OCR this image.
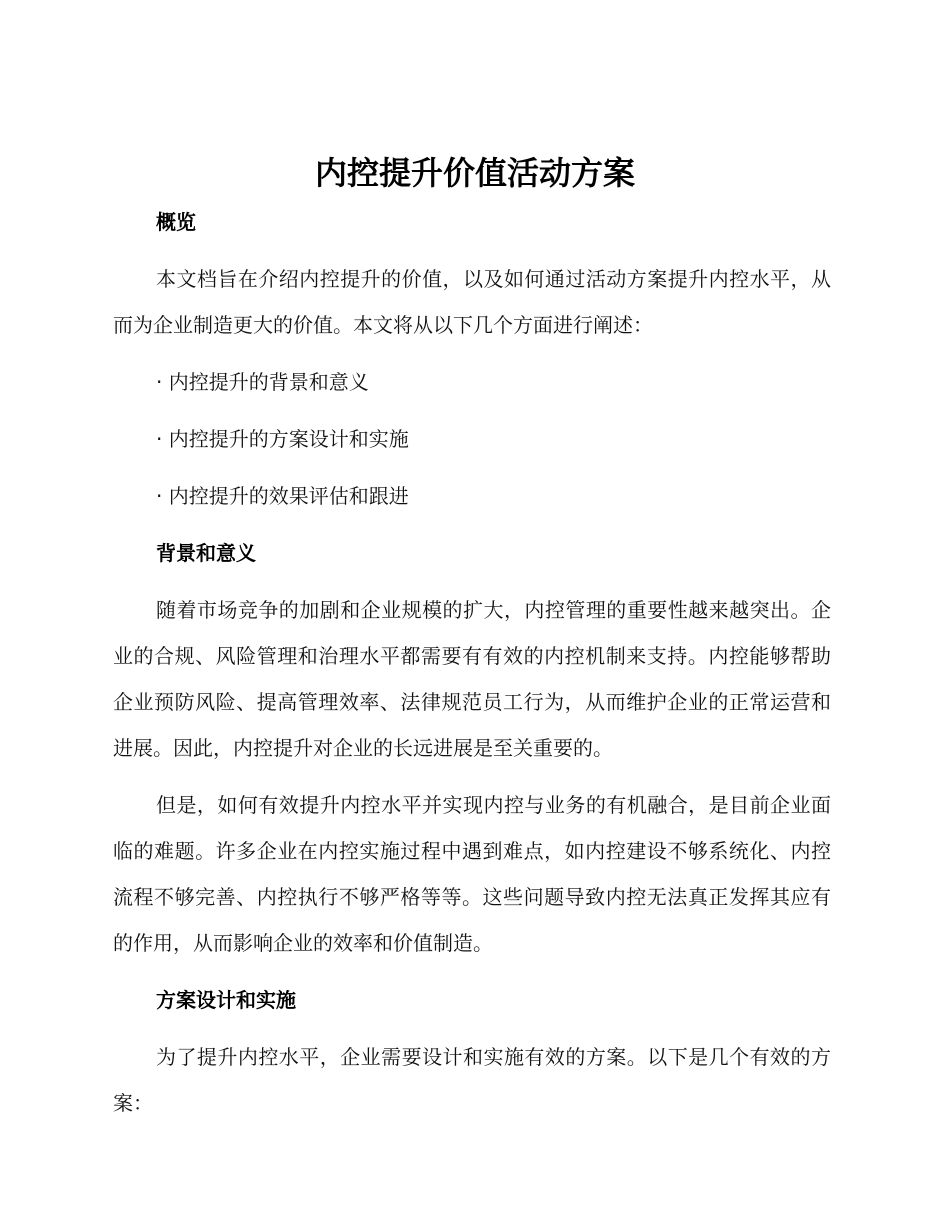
内控提升价值活动方案
概览
本文档旨在介绍内控提升的价值，以及如何通过活动方案提升内控水平，从而为企业制造更大的价值。本文将从以下几个方面进行阐述：
· 内控提升的背景和意义
· 内控提升的方案设计和实施
· 内控提升的效果评估和跟进
背景和意义
随着市场竞争的加剧和企业规模的扩大，内控管理的重要性越来越突出。企业的合规、风险管理和治理水平都需要有有效的内控机制来支持。内控能够帮助企业预防风险、提高管理效率、法律规范员工行为，从而维护企业的正常运营和进展。因此，内控提升对企业的长远进展是至关重要的。
但是，如何有效提升内控水平并实现内控与业务的有机融合，是目前企业面临的难题。许多企业在内控实施过程中遇到难点，如内控建设不够系统化、内控流程不够完善、内控执行不够严格等等。这些问题导致内控无法真正发挥其应有的作用，从而影响企业的效率和价值制造。
方案设计和实施
为了提升内控水平，企业需要设计和实施有效的方案。以下是几个有效的方案：
